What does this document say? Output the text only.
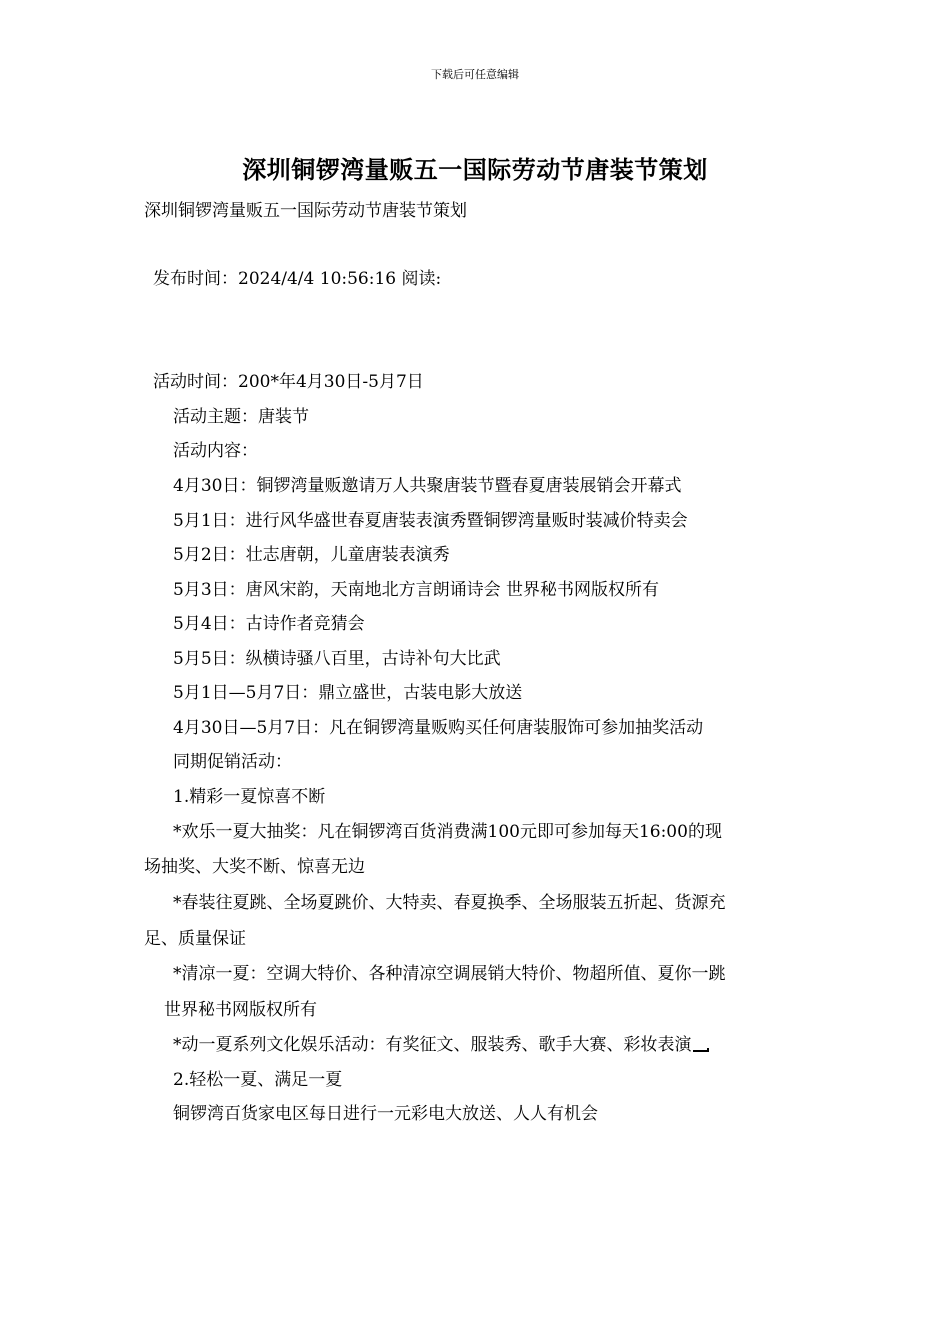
下载后可任意编辑
深圳铜锣湾量贩五一国际劳动节唐装节策划
深圳铜锣湾量贩五一国际劳动节唐装节策划
发布时间：2024/4/4 10:56:16 阅读:
活动时间：200*年4月30日-5月7日
活动主题：唐装节
活动内容：
4月30日：铜锣湾量贩邀请万人共聚唐装节暨春夏唐装展销会开幕式
5月1日：进行风华盛世春夏唐装表演秀暨铜锣湾量贩时装减价特卖会
5月2日：壮志唐朝，儿童唐装表演秀
5月3日：唐风宋韵，天南地北方言朗诵诗会 世界秘书网版权所有
5月4日：古诗作者竞猜会
5月5日：纵横诗骚八百里，古诗补句大比武
5月1日—5月7日：鼎立盛世，古装电影大放送
4月30日—5月7日：凡在铜锣湾量贩购买任何唐装服饰可参加抽奖活动
同期促销活动：
1.精彩一夏惊喜不断
*欢乐一夏大抽奖：凡在铜锣湾百货消费满100元即可参加每天16:00的现
场抽奖、大奖不断、惊喜无边
*春装往夏跳、全场夏跳价、大特卖、春夏换季、全场服装五折起、货源充
足、质量保证
*清凉一夏：空调大特价、各种清凉空调展销大特价、物超所值、夏你一跳
世界秘书网版权所有
*动一夏系列文化娱乐活动：有奖征文、服装秀、歌手大赛、彩妆表演
2.轻松一夏、满足一夏
铜锣湾百货家电区每日进行一元彩电大放送、人人有机会
